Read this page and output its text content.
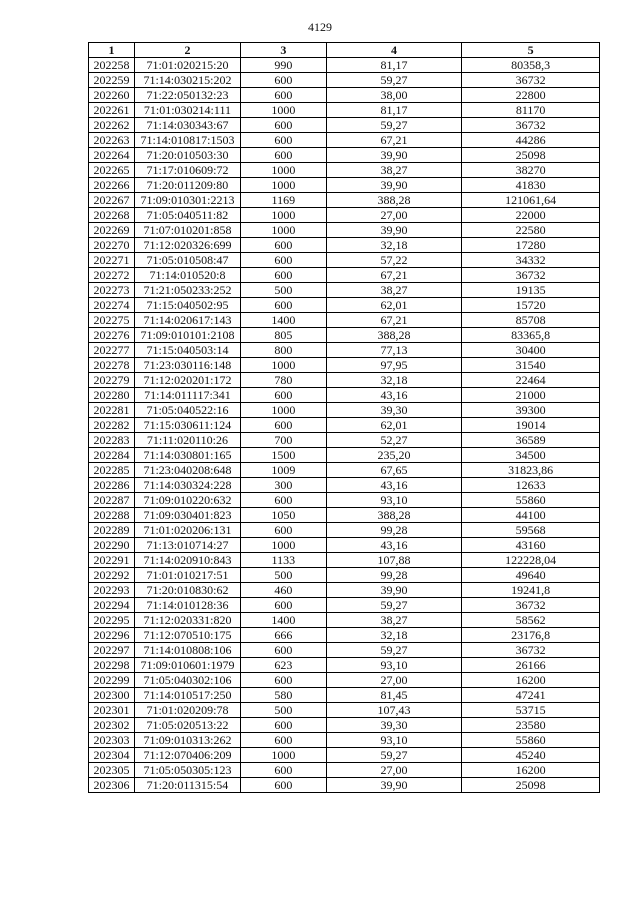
4129
1	2	3	4	5
202258	71:01:020215:20	990	81,17	80358,3
202259	71:14:030215:202	600	59,27	36732
202260	71:22:050132:23	600	38,00	22800
202261	71:01:030214:111	1000	81,17	81170
202262	71:14:030343:67	600	59,27	36732
202263	71:14:010817:1503	600	67,21	44286
202264	71:20:010503:30	600	39,90	25098
202265	71:17:010609:72	1000	38,27	38270
202266	71:20:011209:80	1000	39,90	41830
202267	71:09:010301:2213	1169	388,28	121061,64
202268	71:05:040511:82	1000	27,00	22000
202269	71:07:010201:858	1000	39,90	22580
202270	71:12:020326:699	600	32,18	17280
202271	71:05:010508:47	600	57,22	34332
202272	71:14:010520:8	600	67,21	36732
202273	71:21:050233:252	500	38,27	19135
202274	71:15:040502:95	600	62,01	15720
202275	71:14:020617:143	1400	67,21	85708
202276	71:09:010101:2108	805	388,28	83365,8
202277	71:15:040503:14	800	77,13	30400
202278	71:23:030116:148	1000	97,95	31540
202279	71:12:020201:172	780	32,18	22464
202280	71:14:011117:341	600	43,16	21000
202281	71:05:040522:16	1000	39,30	39300
202282	71:15:030611:124	600	62,01	19014
202283	71:11:020110:26	700	52,27	36589
202284	71:14:030801:165	1500	235,20	34500
202285	71:23:040208:648	1009	67,65	31823,86
202286	71:14:030324:228	300	43,16	12633
202287	71:09:010220:632	600	93,10	55860
202288	71:09:030401:823	1050	388,28	44100
202289	71:01:020206:131	600	99,28	59568
202290	71:13:010714:27	1000	43,16	43160
202291	71:14:020910:843	1133	107,88	122228,04
202292	71:01:010217:51	500	99,28	49640
202293	71:20:010830:62	460	39,90	19241,8
202294	71:14:010128:36	600	59,27	36732
202295	71:12:020331:820	1400	38,27	58562
202296	71:12:070510:175	666	32,18	23176,8
202297	71:14:010808:106	600	59,27	36732
202298	71:09:010601:1979	623	93,10	26166
202299	71:05:040302:106	600	27,00	16200
202300	71:14:010517:250	580	81,45	47241
202301	71:01:020209:78	500	107,43	53715
202302	71:05:020513:22	600	39,30	23580
202303	71:09:010313:262	600	93,10	55860
202304	71:12:070406:209	1000	59,27	45240
202305	71:05:050305:123	600	27,00	16200
202306	71:20:011315:54	600	39,90	25098
